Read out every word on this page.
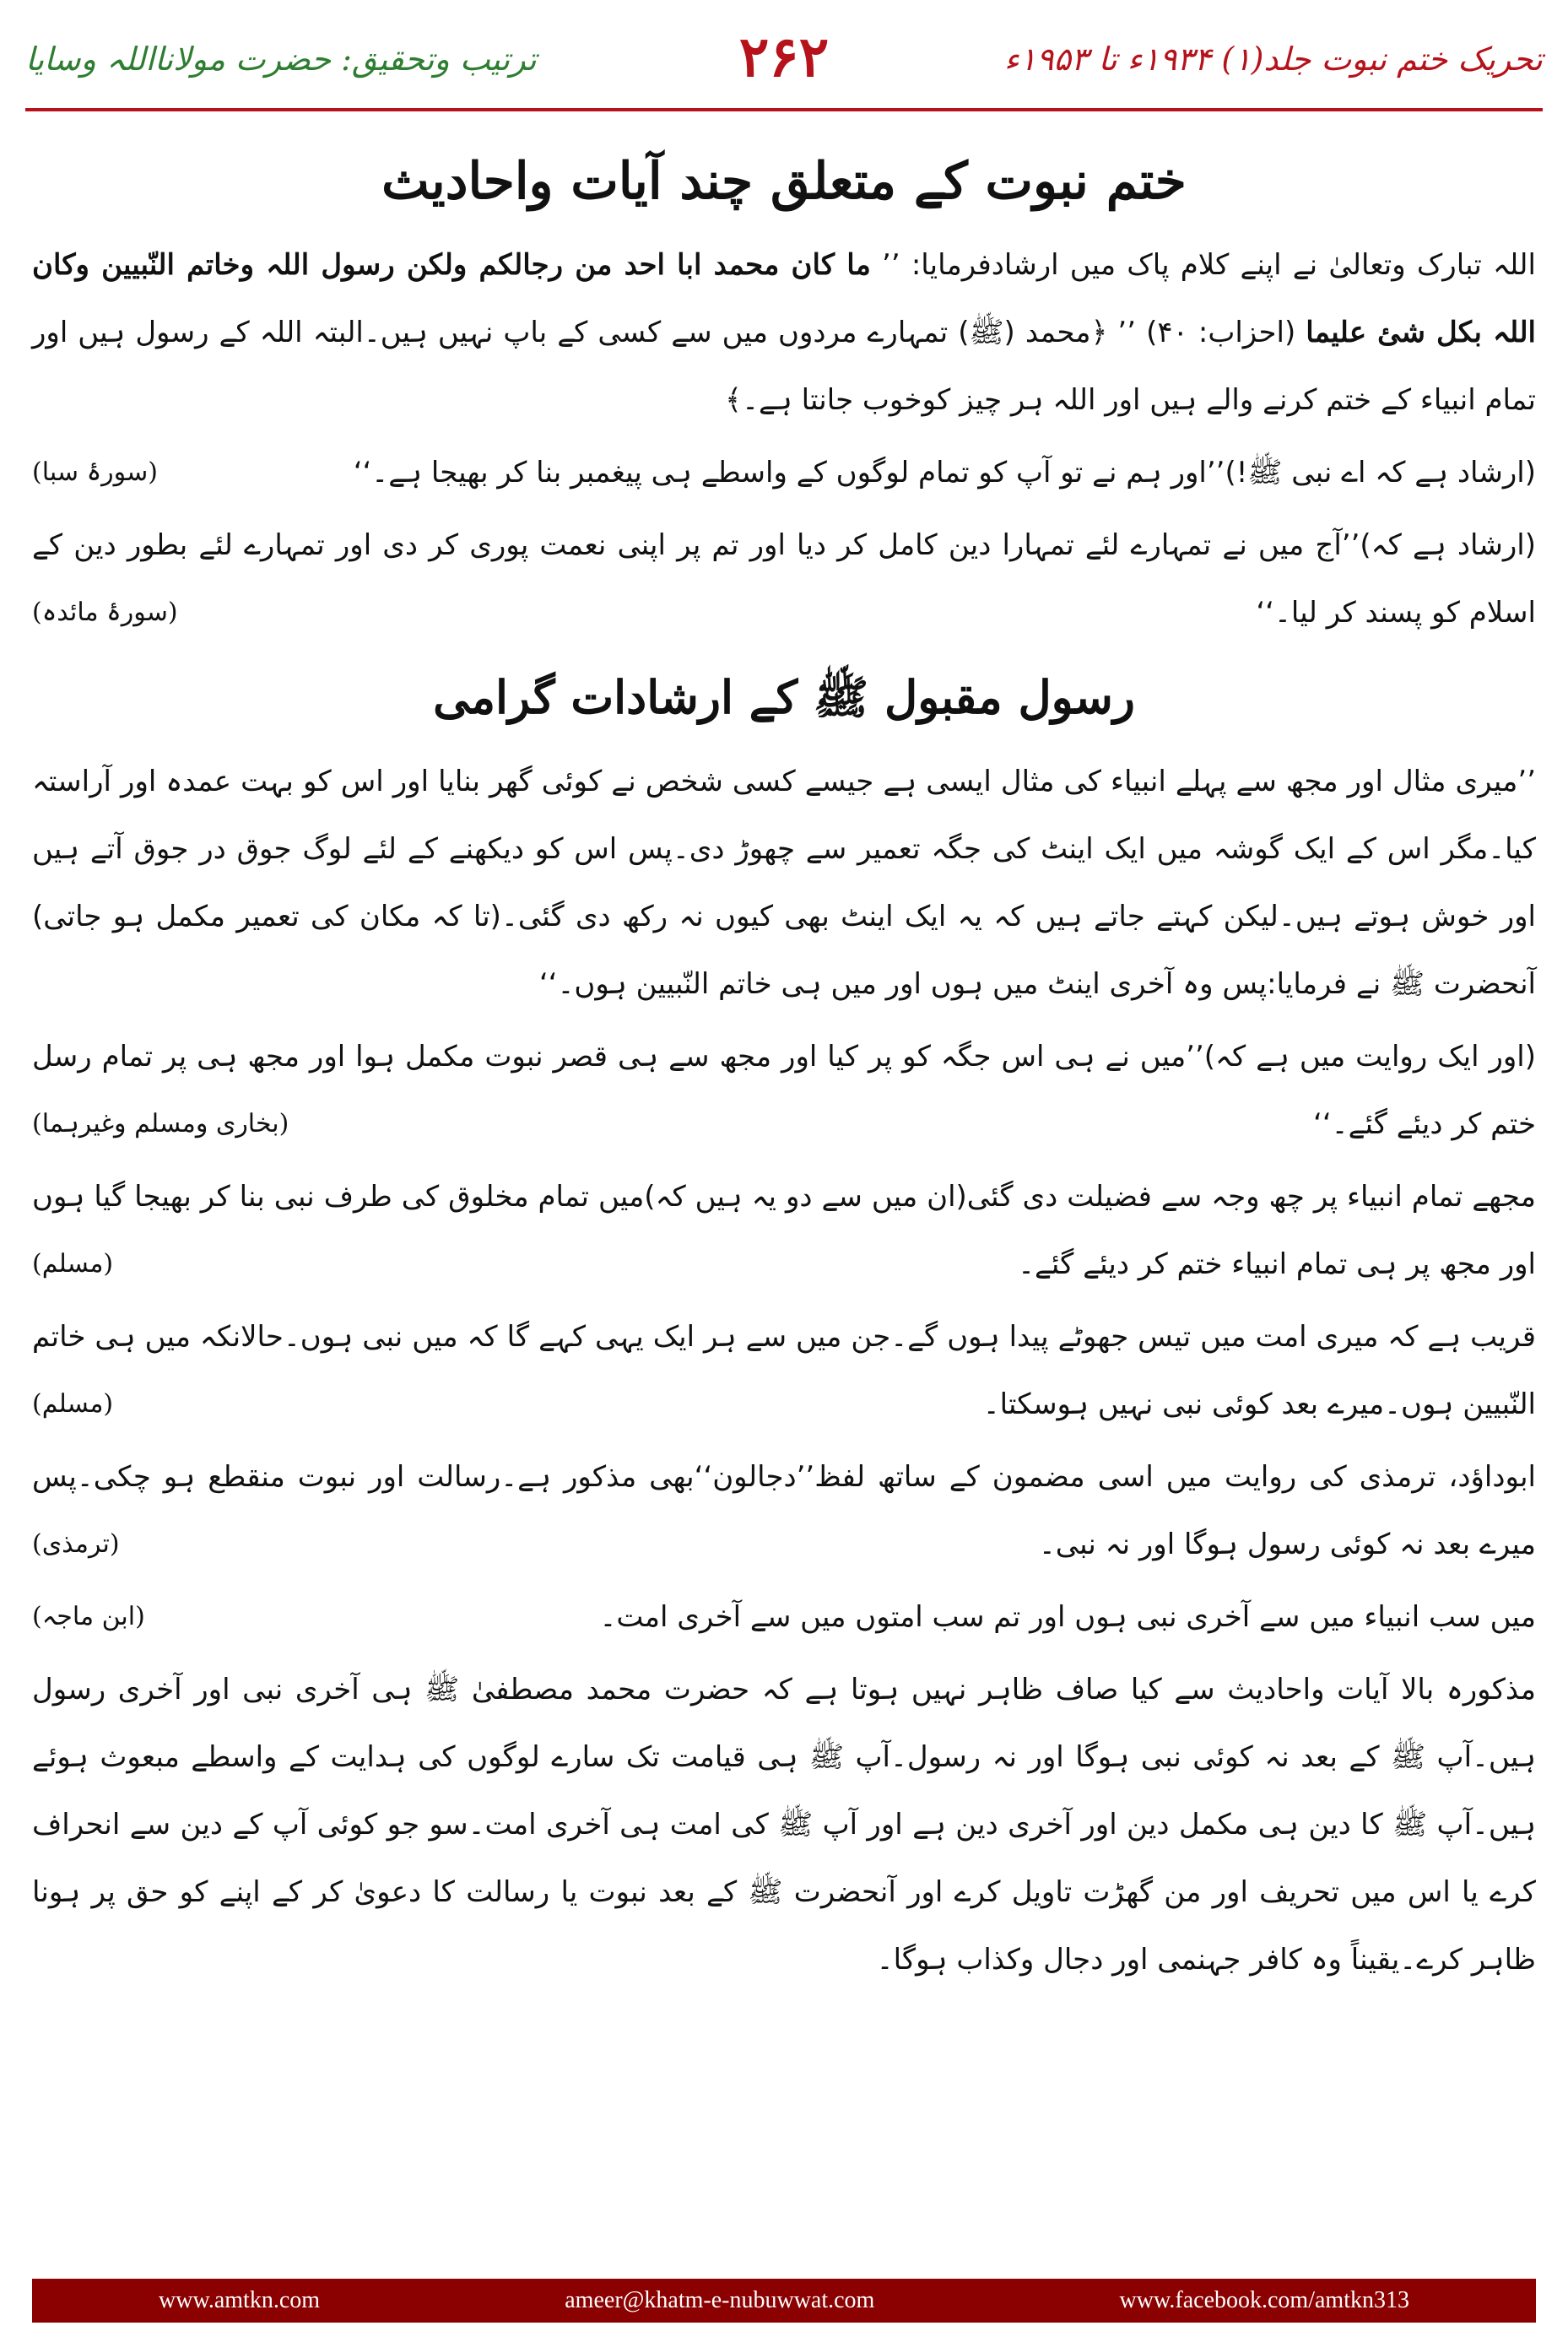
تحریک ختم نبوت جلد(۱) ۱۹۳۴ء تا ۱۹۵۳ء
۲۶۲
ترتیب وتحقیق: حضرت مولانااللہ وسایا
ختم نبوت کے متعلق چند آیات واحادیث

اللہ تبارک وتعالیٰ نے اپنے کلام پاک میں ارشادفرمایا: ’’ ما کان محمد ابا احد من رجالکم ولکن رسول اللہ وخاتم النّبیین وکان اللہ بکل شئ علیما (احزاب: ۴۰) ’’ ﴿محمد (ﷺ) تمہارے مردوں میں سے کسی کے باپ نہیں ہیں۔البتہ اللہ کے رسول ہیں اور تمام انبیاء کے ختم کرنے والے ہیں اور اللہ ہر چیز کوخوب جانتا ہے۔﴾

(سورۂ سبا)	(ارشاد ہے کہ اے نبی ﷺ!)’’اور ہم نے تو آپ کو تمام لوگوں کے واسطے ہی پیغمبر بنا کر بھیجا ہے۔‘‘

(ارشاد ہے کہ)’’آج میں نے تمہارے لئے تمہارا دین کامل کر دیا اور تم پر اپنی نعمت پوری کر دی اور تمہارے لئے بطور دین کے اسلام کو پسند کر لیا۔‘‘
(سورۂ مائدہ)

رسول مقبول ﷺ کے ارشادات گرامی

’’میری مثال اور مجھ سے پہلے انبیاء کی مثال ایسی ہے جیسے کسی شخص نے کوئی گھر بنایا اور اس کو بہت عمدہ اور آراستہ کیا۔مگر اس کے ایک گوشہ میں ایک اینٹ کی جگہ تعمیر سے چھوڑ دی۔پس اس کو دیکھنے کے لئے لوگ جوق در جوق آتے ہیں اور خوش ہوتے ہیں۔لیکن کہتے جاتے ہیں کہ یہ ایک اینٹ بھی کیوں نہ رکھ دی گئی۔(تا کہ مکان کی تعمیر مکمل ہو جاتی) آنحضرت ﷺ نے فرمایا:پس وہ آخری اینٹ میں ہوں اور میں ہی خاتم النّبیین ہوں۔‘‘

(اور ایک روایت میں ہے کہ)’’میں نے ہی اس جگہ کو پر کیا اور مجھ سے ہی قصر نبوت مکمل ہوا اور مجھ ہی پر تمام رسل ختم کر دیئے گئے۔‘‘
(بخاری ومسلم وغیرہما)

مجھے تمام انبیاء پر چھ وجہ سے فضیلت دی گئی(ان میں سے دو یہ ہیں کہ)میں تمام مخلوق کی طرف نبی بنا کر بھیجا گیا ہوں اور مجھ پر ہی تمام انبیاء ختم کر دیئے گئے۔
(مسلم)

قریب ہے کہ میری امت میں تیس جھوٹے پیدا ہوں گے۔جن میں سے ہر ایک یہی کہے گا کہ میں نبی ہوں۔حالانکہ میں ہی خاتم النّبیین ہوں۔میرے بعد کوئی نبی نہیں ہوسکتا۔
(مسلم)

ابوداؤد، ترمذی کی روایت میں اسی مضمون کے ساتھ لفظ’’دجالون‘‘بھی مذکور ہے۔رسالت اور نبوت منقطع ہو چکی۔پس میرے بعد نہ کوئی رسول ہوگا اور نہ نبی۔
(ترمذی)

(ابن ماجہ)	میں سب انبیاء میں سے آخری نبی ہوں اور تم سب امتوں میں سے آخری امت۔

مذکورہ بالا آیات واحادیث سے کیا صاف ظاہر نہیں ہوتا ہے کہ حضرت محمد مصطفیٰ ﷺ ہی آخری نبی اور آخری رسول ہیں۔آپ ﷺ کے بعد نہ کوئی نبی ہوگا اور نہ رسول۔آپ ﷺ ہی قیامت تک سارے لوگوں کی ہدایت کے واسطے مبعوث ہوئے ہیں۔آپ ﷺ کا دین ہی مکمل دین اور آخری دین ہے اور آپ ﷺ کی امت ہی آخری امت۔سو جو کوئی آپ کے دین سے انحراف کرے یا اس میں تحریف اور من گھڑت تاویل کرے اور آنحضرت ﷺ کے بعد نبوت یا رسالت کا دعویٰ کر کے اپنے کو حق پر ہونا ظاہر کرے۔یقیناً وہ کافر جہنمی اور دجال وکذاب ہوگا۔

www.amtkn.com	ameer@khatm-e-nubuwwat.com	www.facebook.com/amtkn313
